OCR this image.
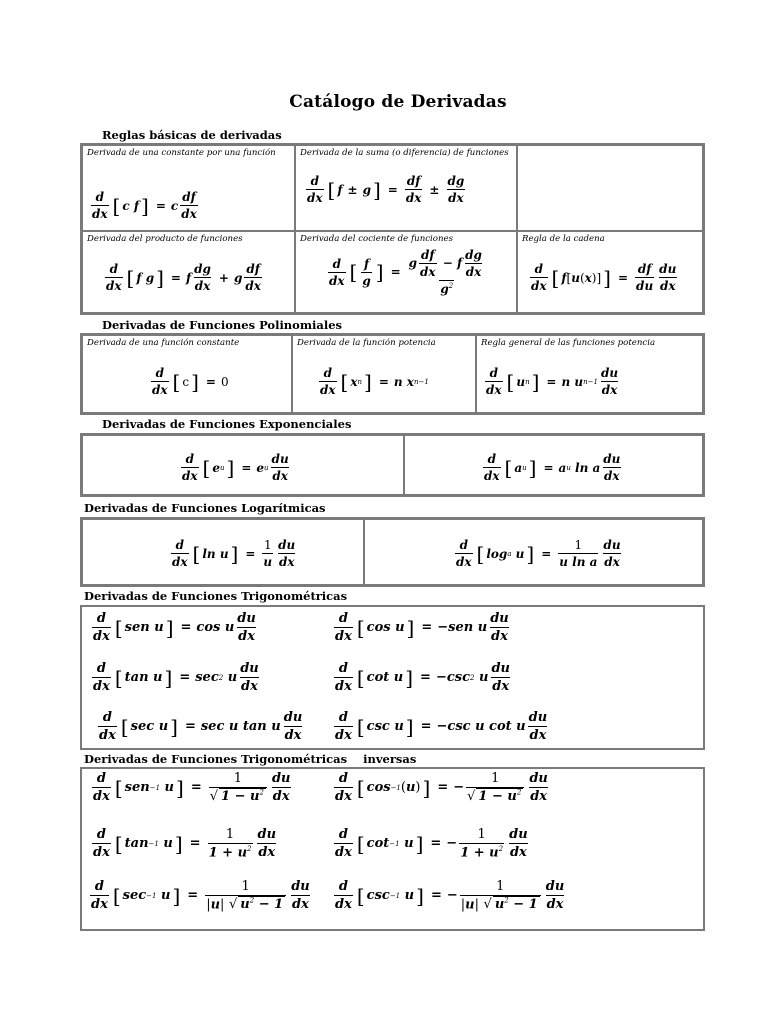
Catálogo de Derivadas
Reglas básicas de derivadas
Derivada de una constante por una función
d
dx [ c f ] = c $\frac{df}{dx}$
Derivada de la suma (o diferencia) de funciones
d
dx [ f ± g ] = $\frac{df}{dx} \pm \frac{dg}{dx}$
Derivada del producto de funciones
d
dx [ f g ] = f $\frac{dg}{dx} + g \frac{df}{dx}$
Derivada del cociente de funciones
d
dx [ f
g ] =
g $\frac{df}{dx} - f \frac{dg}{dx}$
$g^2$
Regla de la cadena
d
dx [ f [ u ( x )] ] = $\frac{df}{du}$ du
dx
Derivadas de Funciones Polinomiales
Derivada de una función constante
d
dx [ c ] = 0
Derivada de la función potencia
d
dx [ x n ] = n x n−1
Regla general de las funciones potencia
d
dx [ u n ] = n u n−1
du
dx
Derivadas de Funciones Exponenciales
d
dx [ e u ] = e u
du
dx
d
dx [ a u ] = a u ln a
du
dx
Derivadas de Funciones Logarítmicas
d
dx [ ln u ] = $\frac{1}{u}$ du
dx
d
dx [ log a u ] = $\frac{1}{\text{u ln a}}$ du
dx
Derivadas de Funciones Trigonométricas
d
dx [ sen u ] = cos u $\frac{du}{dx}$	d
dx [ cos u ] = −sen u $\frac{du}{dx}$
d
dx [ tan u ] = sec 2 u
du
dx
d
dx [ cot u ] = −csc 2 u
du
dx
d
dx [ sec u ] = sec u tan u $\frac{du}{dx}$	d
dx [ csc u ] = −csc u cot u $\frac{du}{dx}$
Derivadas de Funciones Trigonométricas    inversas
d
dx [ sen −1 u ] = $\frac{1}{√ 1 - u^2}$ du
dx
d
dx [ cos −1 ( u ) ] = − $\frac{1}{√ 1 - u^2}$ du
dx
d
dx [ tan −1 u ] = $\frac{1}{1 + u^2}$ du
dx
d
dx [ cot −1 u ] = − $\frac{1}{1 + u^2}$ du
dx
d
dx [ sec −1 u ] = $\frac{1}{|u| √ u^2 - 1}$ du
dx
d
dx [ csc −1 u ] = − $\frac{1}{|u| √ u^2 - 1}$ du
dx
